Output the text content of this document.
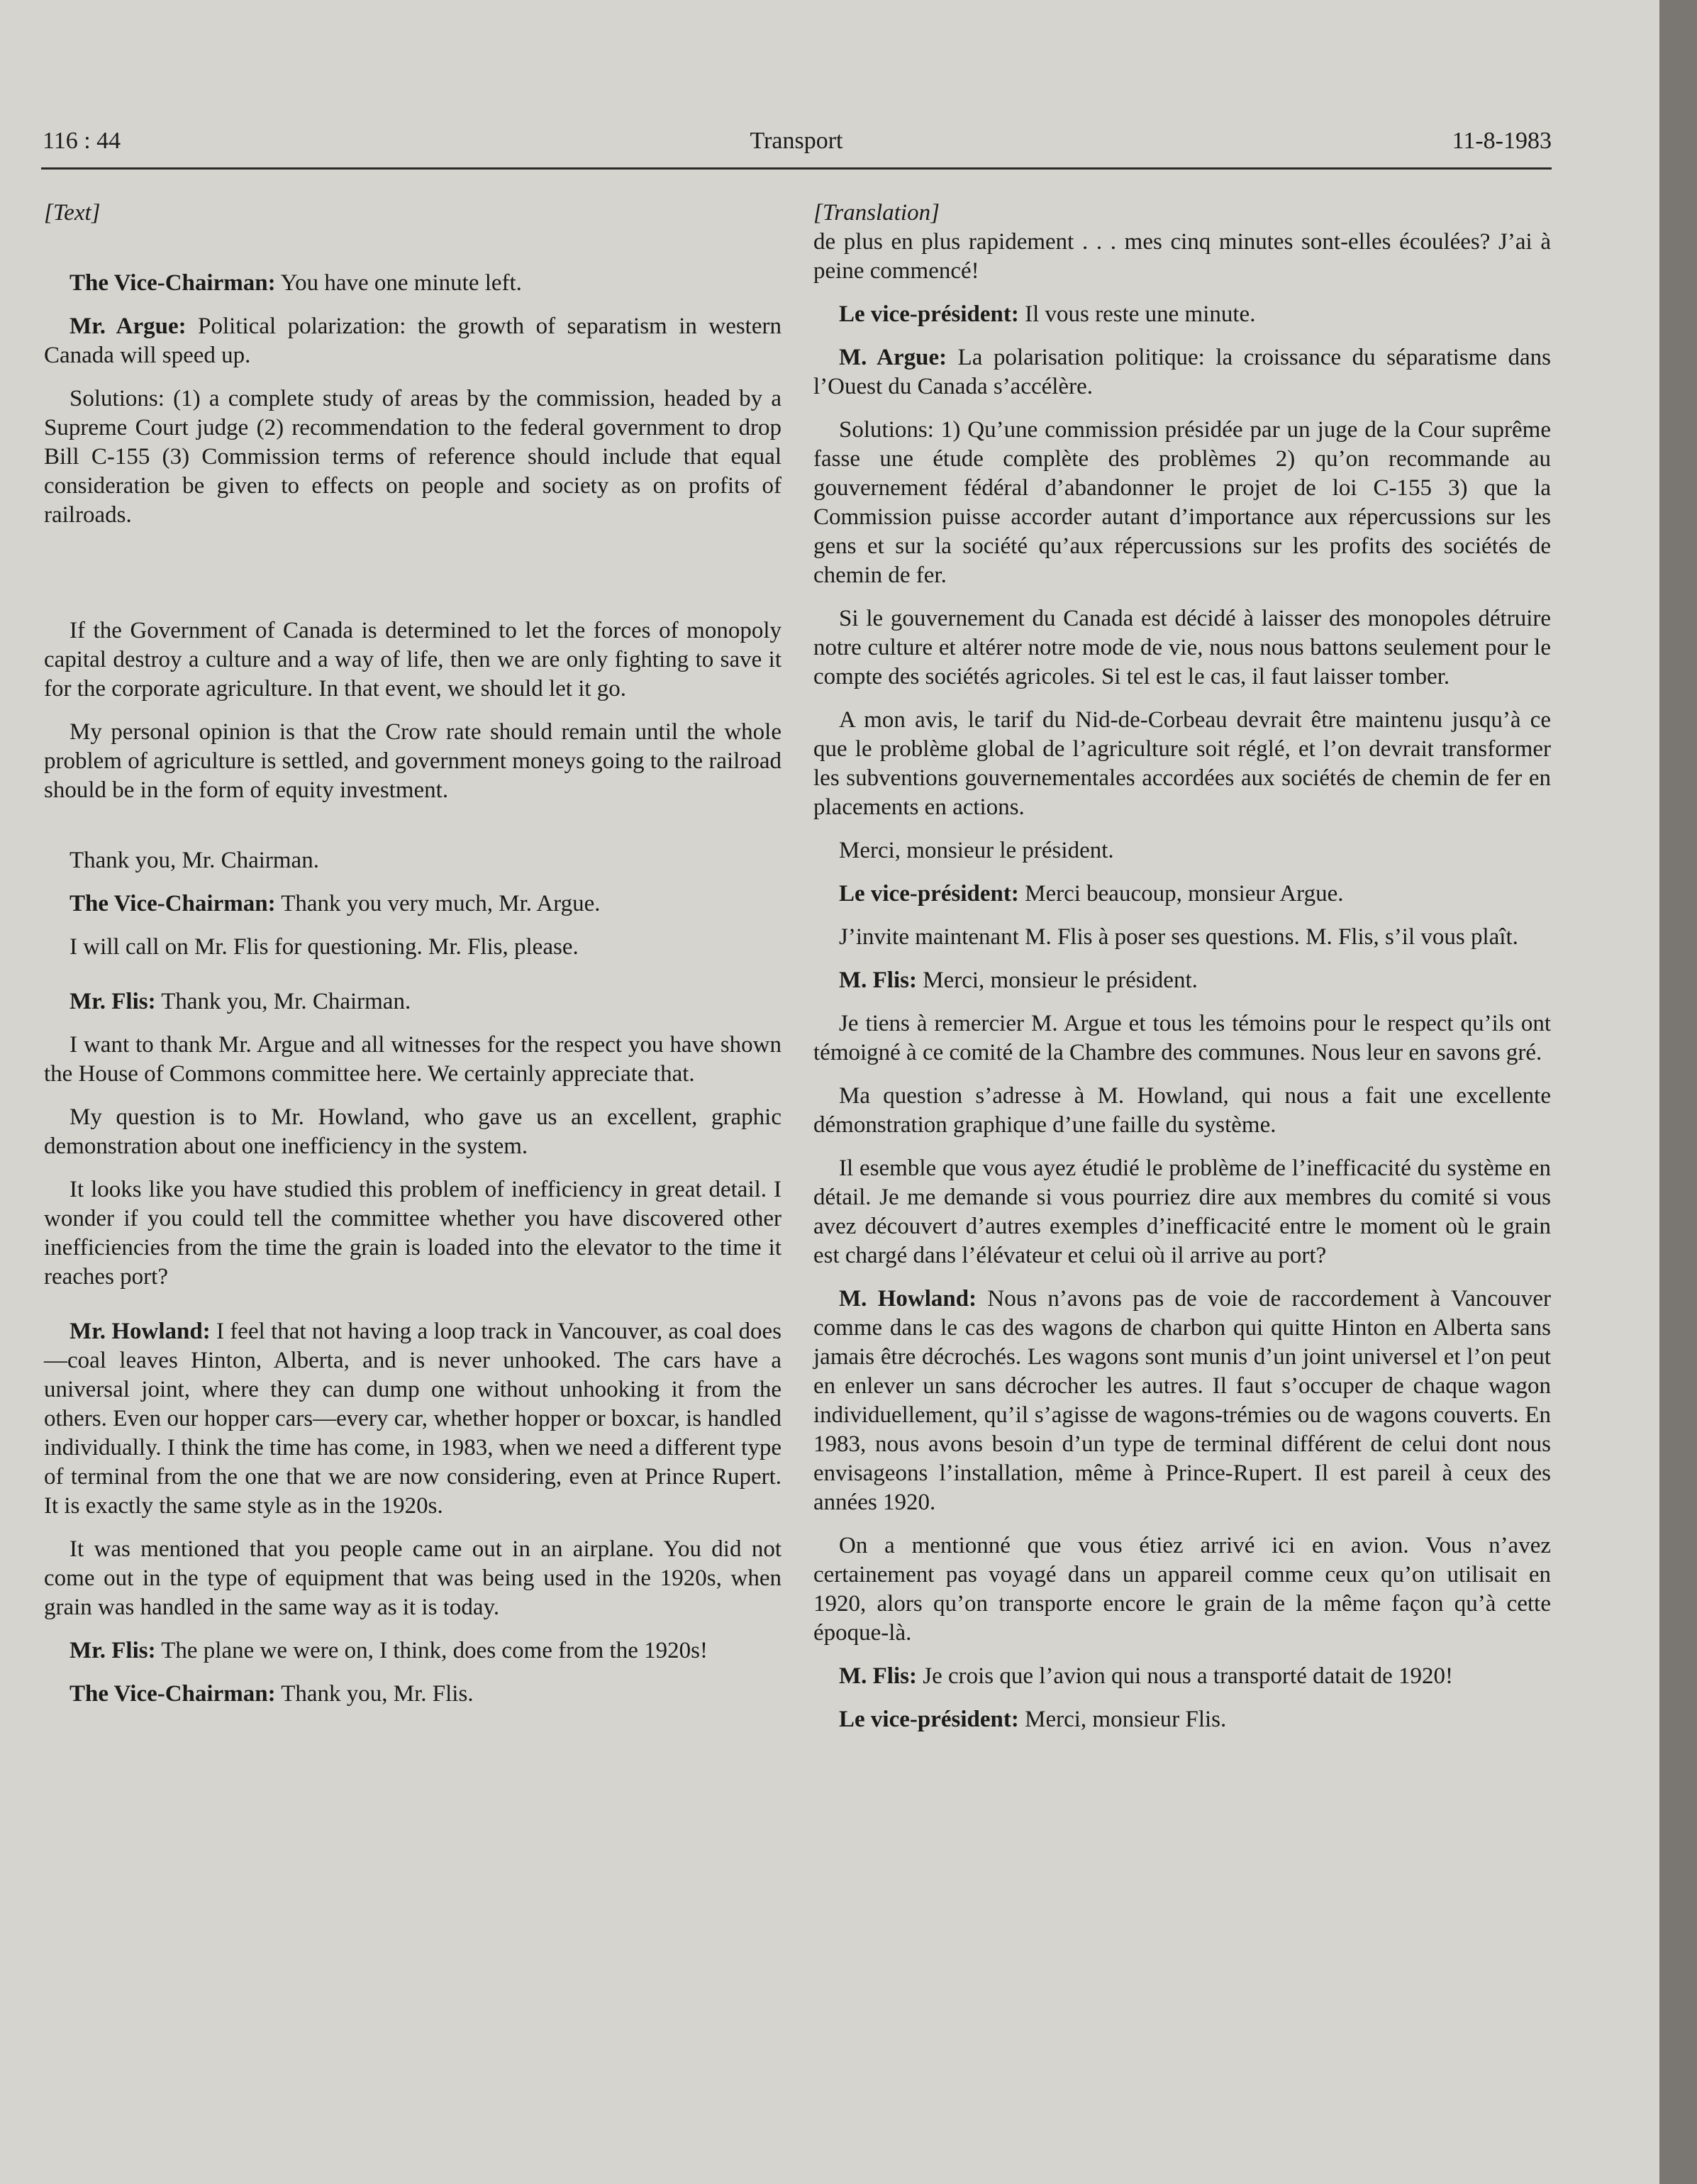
116 : 44	Transport	11-8-1983
[Text]

The Vice-Chairman: You have one minute left.

Mr. Argue: Political polarization: the growth of separatism in western Canada will speed up.

Solutions: (1) a complete study of areas by the commission, headed by a Supreme Court judge (2) recommendation to the federal government to drop Bill C-155 (3) Commission terms of reference should include that equal consideration be given to effects on people and society as on profits of railroads.

If the Government of Canada is determined to let the forces of monopoly capital destroy a culture and a way of life, then we are only fighting to save it for the corporate agriculture. In that event, we should let it go.

My personal opinion is that the Crow rate should remain until the whole problem of agriculture is settled, and government moneys going to the railroad should be in the form of equity investment.

Thank you, Mr. Chairman.

The Vice-Chairman: Thank you very much, Mr. Argue.

I will call on Mr. Flis for questioning. Mr. Flis, please.

Mr. Flis: Thank you, Mr. Chairman.

I want to thank Mr. Argue and all witnesses for the respect you have shown the House of Commons committee here. We certainly appreciate that.

My question is to Mr. Howland, who gave us an excellent, graphic demonstration about one inefficiency in the system.

It looks like you have studied this problem of inefficiency in great detail. I wonder if you could tell the committee whether you have discovered other inefficiencies from the time the grain is loaded into the elevator to the time it reaches port?

Mr. Howland: I feel that not having a loop track in Vancouver, as coal does—coal leaves Hinton, Alberta, and is never unhooked. The cars have a universal joint, where they can dump one without unhooking it from the others. Even our hopper cars—every car, whether hopper or boxcar, is handled individually. I think the time has come, in 1983, when we need a different type of terminal from the one that we are now considering, even at Prince Rupert. It is exactly the same style as in the 1920s.

It was mentioned that you people came out in an airplane. You did not come out in the type of equipment that was being used in the 1920s, when grain was handled in the same way as it is today.

Mr. Flis: The plane we were on, I think, does come from the 1920s!

The Vice-Chairman: Thank you, Mr. Flis.

[Translation]

de plus en plus rapidement . . . mes cinq minutes sont-elles écoulées? J’ai à peine commencé!

Le vice-président: Il vous reste une minute.

M. Argue: La polarisation politique: la croissance du séparatisme dans l’Ouest du Canada s’accélère.

Solutions: 1) Qu’une commission présidée par un juge de la Cour suprême fasse une étude complète des problèmes 2) qu’on recommande au gouvernement fédéral d’abandonner le projet de loi C-155 3) que la Commission puisse accorder autant d’importance aux répercussions sur les gens et sur la société qu’aux répercussions sur les profits des sociétés de chemin de fer.

Si le gouvernement du Canada est décidé à laisser des monopoles détruire notre culture et altérer notre mode de vie, nous nous battons seulement pour le compte des sociétés agricoles. Si tel est le cas, il faut laisser tomber.

A mon avis, le tarif du Nid-de-Corbeau devrait être maintenu jusqu’à ce que le problème global de l’agriculture soit réglé, et l’on devrait transformer les subventions gouvernementales accordées aux sociétés de chemin de fer en placements en actions.

Merci, monsieur le président.

Le vice-président: Merci beaucoup, monsieur Argue.

J’invite maintenant M. Flis à poser ses questions. M. Flis, s’il vous plaît.

M. Flis: Merci, monsieur le président.

Je tiens à remercier M. Argue et tous les témoins pour le respect qu’ils ont témoigné à ce comité de la Chambre des communes. Nous leur en savons gré.

Ma question s’adresse à M. Howland, qui nous a fait une excellente démonstration graphique d’une faille du système.

Il esemble que vous ayez étudié le problème de l’inefficacité du système en détail. Je me demande si vous pourriez dire aux membres du comité si vous avez découvert d’autres exemples d’inefficacité entre le moment où le grain est chargé dans l’élévateur et celui où il arrive au port?

M. Howland: Nous n’avons pas de voie de raccordement à Vancouver comme dans le cas des wagons de charbon qui quitte Hinton en Alberta sans jamais être décrochés. Les wagons sont munis d’un joint universel et l’on peut en enlever un sans décrocher les autres. Il faut s’occuper de chaque wagon individuellement, qu’il s’agisse de wagons-trémies ou de wagons couverts. En 1983, nous avons besoin d’un type de terminal différent de celui dont nous envisageons l’installation, même à Prince-Rupert. Il est pareil à ceux des années 1920.

On a mentionné que vous étiez arrivé ici en avion. Vous n’avez certainement pas voyagé dans un appareil comme ceux qu’on utilisait en 1920, alors qu’on transporte encore le grain de la même façon qu’à cette époque-là.

M. Flis: Je crois que l’avion qui nous a transporté datait de 1920!

Le vice-président: Merci, monsieur Flis.
